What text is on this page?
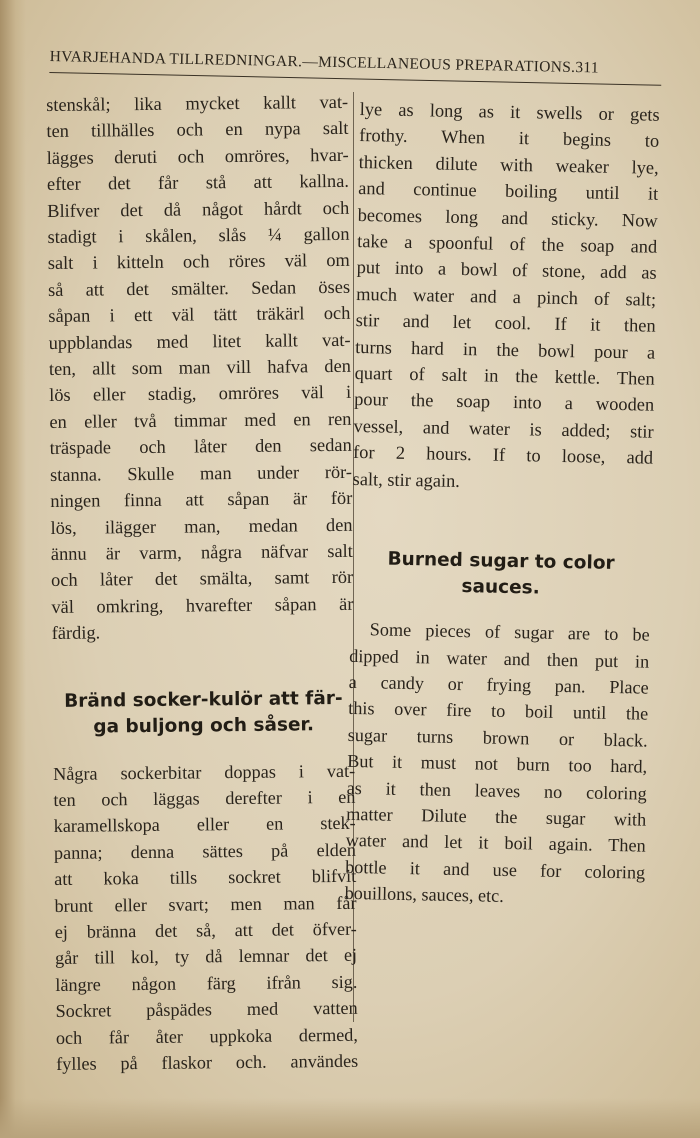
HVARJEHANDA TILLREDNINGAR.—MISCELLANEOUS PREPARATIONS.311
stenskål; lika mycket kallt vat-
ten tillhälles och en nypa salt
lägges deruti och omröres, hvar-
efter det får stå att kallna.
Blifver det då något hårdt och
stadigt i skålen, slås ¼ gallon
salt i kitteln och röres väl om
så att det smälter. Sedan öses
såpan i ett väl tätt träkärl och
uppblandas med litet kallt vat-
ten, allt som man vill hafva den
lös eller stadig, omröres väl i
en eller två timmar med en ren
träspade och låter den sedan
stanna. Skulle man under rör-
ningen finna att såpan är för
lös, ilägger man, medan den
ännu är varm, några näfvar salt
och låter det smälta, samt rör
väl omkring, hvarefter såpan är
färdig.
Bränd socker-kulör att fär-
ga buljong och såser.
Några sockerbitar doppas i vat-
ten och läggas derefter i en
karamellskopa eller en stek-
panna; denna sättes på elden
att koka tills sockret blifvit
brunt eller svart; men man får
ej bränna det så, att det öfver-
går till kol, ty då lemnar det ej
längre någon färg ifrån sig.
Sockret påspädes med vatten
och får åter uppkoka dermed,
fylles på flaskor och. användes
lye as long as it swells or gets
frothy. When it begins to
thicken dilute with weaker lye,
and continue boiling until it
becomes long and sticky. Now
take a spoonful of the soap and
put into a bowl of stone, add as
much water and a pinch of salt;
stir and let cool. If it then
turns hard in the bowl pour a
quart of salt in the kettle. Then
pour the soap into a wooden
vessel, and water is added; stir
for 2 hours. If to loose, add
salt, stir again.
Burned sugar to color
sauces.
Some pieces of sugar are to be
dipped in water and then put in
a candy or frying pan. Place
this over fire to boil until the
sugar turns brown or black.
But it must not burn too hard,
as it then leaves no coloring
matter Dilute the sugar with
water and let it boil again. Then
bottle it and use for coloring
bouillons, sauces, etc.
